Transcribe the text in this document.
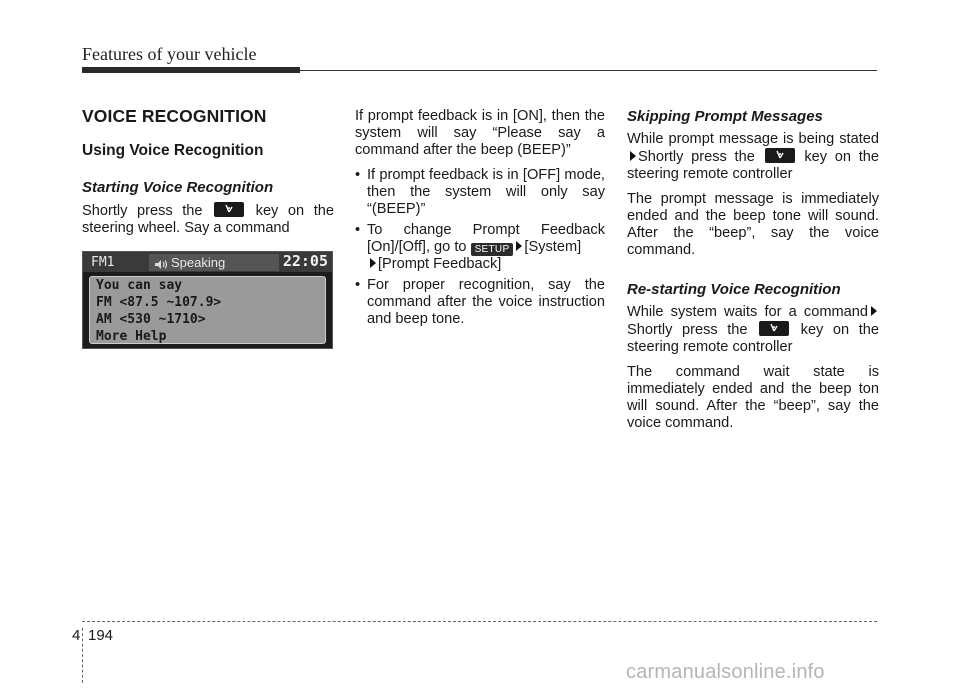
Features of your vehicle
VOICE RECOGNITION
Using Voice Recognition
Starting Voice Recognition
Shortly press the	key on the steering wheel. Say a command
FM1	Speaking	22:05
You can say
FM <87.5 ~107.9>
AM <530 ~1710>
More Help
If prompt feedback is in [ON], then the system will say “Please say a command after the beep (BEEP)”
• If prompt feedback is in [OFF] mode, then the system will only say “(BEEP)”
• To change Prompt Feedback [On]/[Off], go to SETUP [System]
[Prompt Feedback]
• For proper recognition, say the command after the voice instruction and beep tone.
Skipping Prompt Messages
While prompt message is being statedShortly press the	key on the steering remote controller
The prompt message is immediately ended and the beep tone will sound. After the “beep”, say the voice command.
Re-starting Voice Recognition
While system waits for a command Shortly press the	key on the steering remote controller
The command wait state is immediately ended and the beep ton will sound. After the “beep”, say the voice command.
4 194
carmanualsonline.info
